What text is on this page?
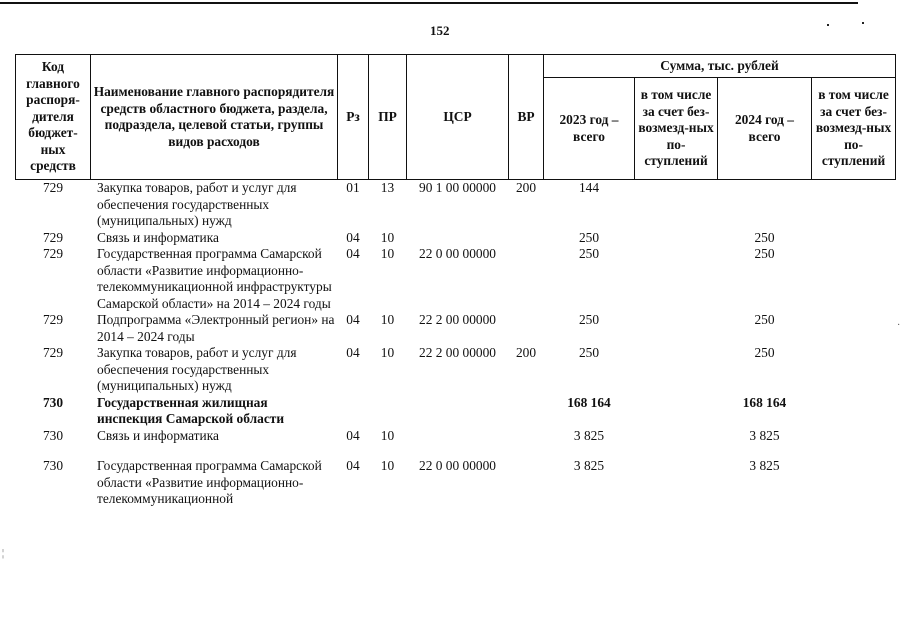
152
Код главного распоря-дителя бюджет-ных средств	Наименование главного распорядителя средств областного бюджета, раздела, подраздела, целевой статьи, группы видов расходов	Рз	ПР	ЦСР	ВР	Сумма, тыс. рублей			
						2023 год – всего	в том числе за счет без-возмезд-ных по-ступлений	2024 год – всего	в том числе за счет без-возмезд-ных по-ступлений
729	Закупка товаров, работ и услуг для обеспечения государственных (муниципальных) нужд	01	13	90 1 00 00000	200	144			
729	Связь и информатика	04	10			250		250	
729	Государственная программа Самарской области «Развитие информационно-телекоммуникационной инфраструктуры Самарской области» на 2014 – 2024 годы	04	10	22 0 00 00000		250		250	
729	Подпрограмма «Электронный регион» на 2014 – 2024 годы	04	10	22 2 00 00000		250		250	
729	Закупка товаров, работ и услуг для обеспечения государственных (муниципальных) нужд	04	10	22 2 00 00000	200	250		250	
730	Государственная жилищная инспекция Самарской области					168 164		168 164	
730	Связь и информатика	04	10			3 825		3 825	
730	Государственная программа Самарской области «Развитие информационно-телекоммуникационной	04	10	22 0 00 00000		3 825		3 825	
¦
·
